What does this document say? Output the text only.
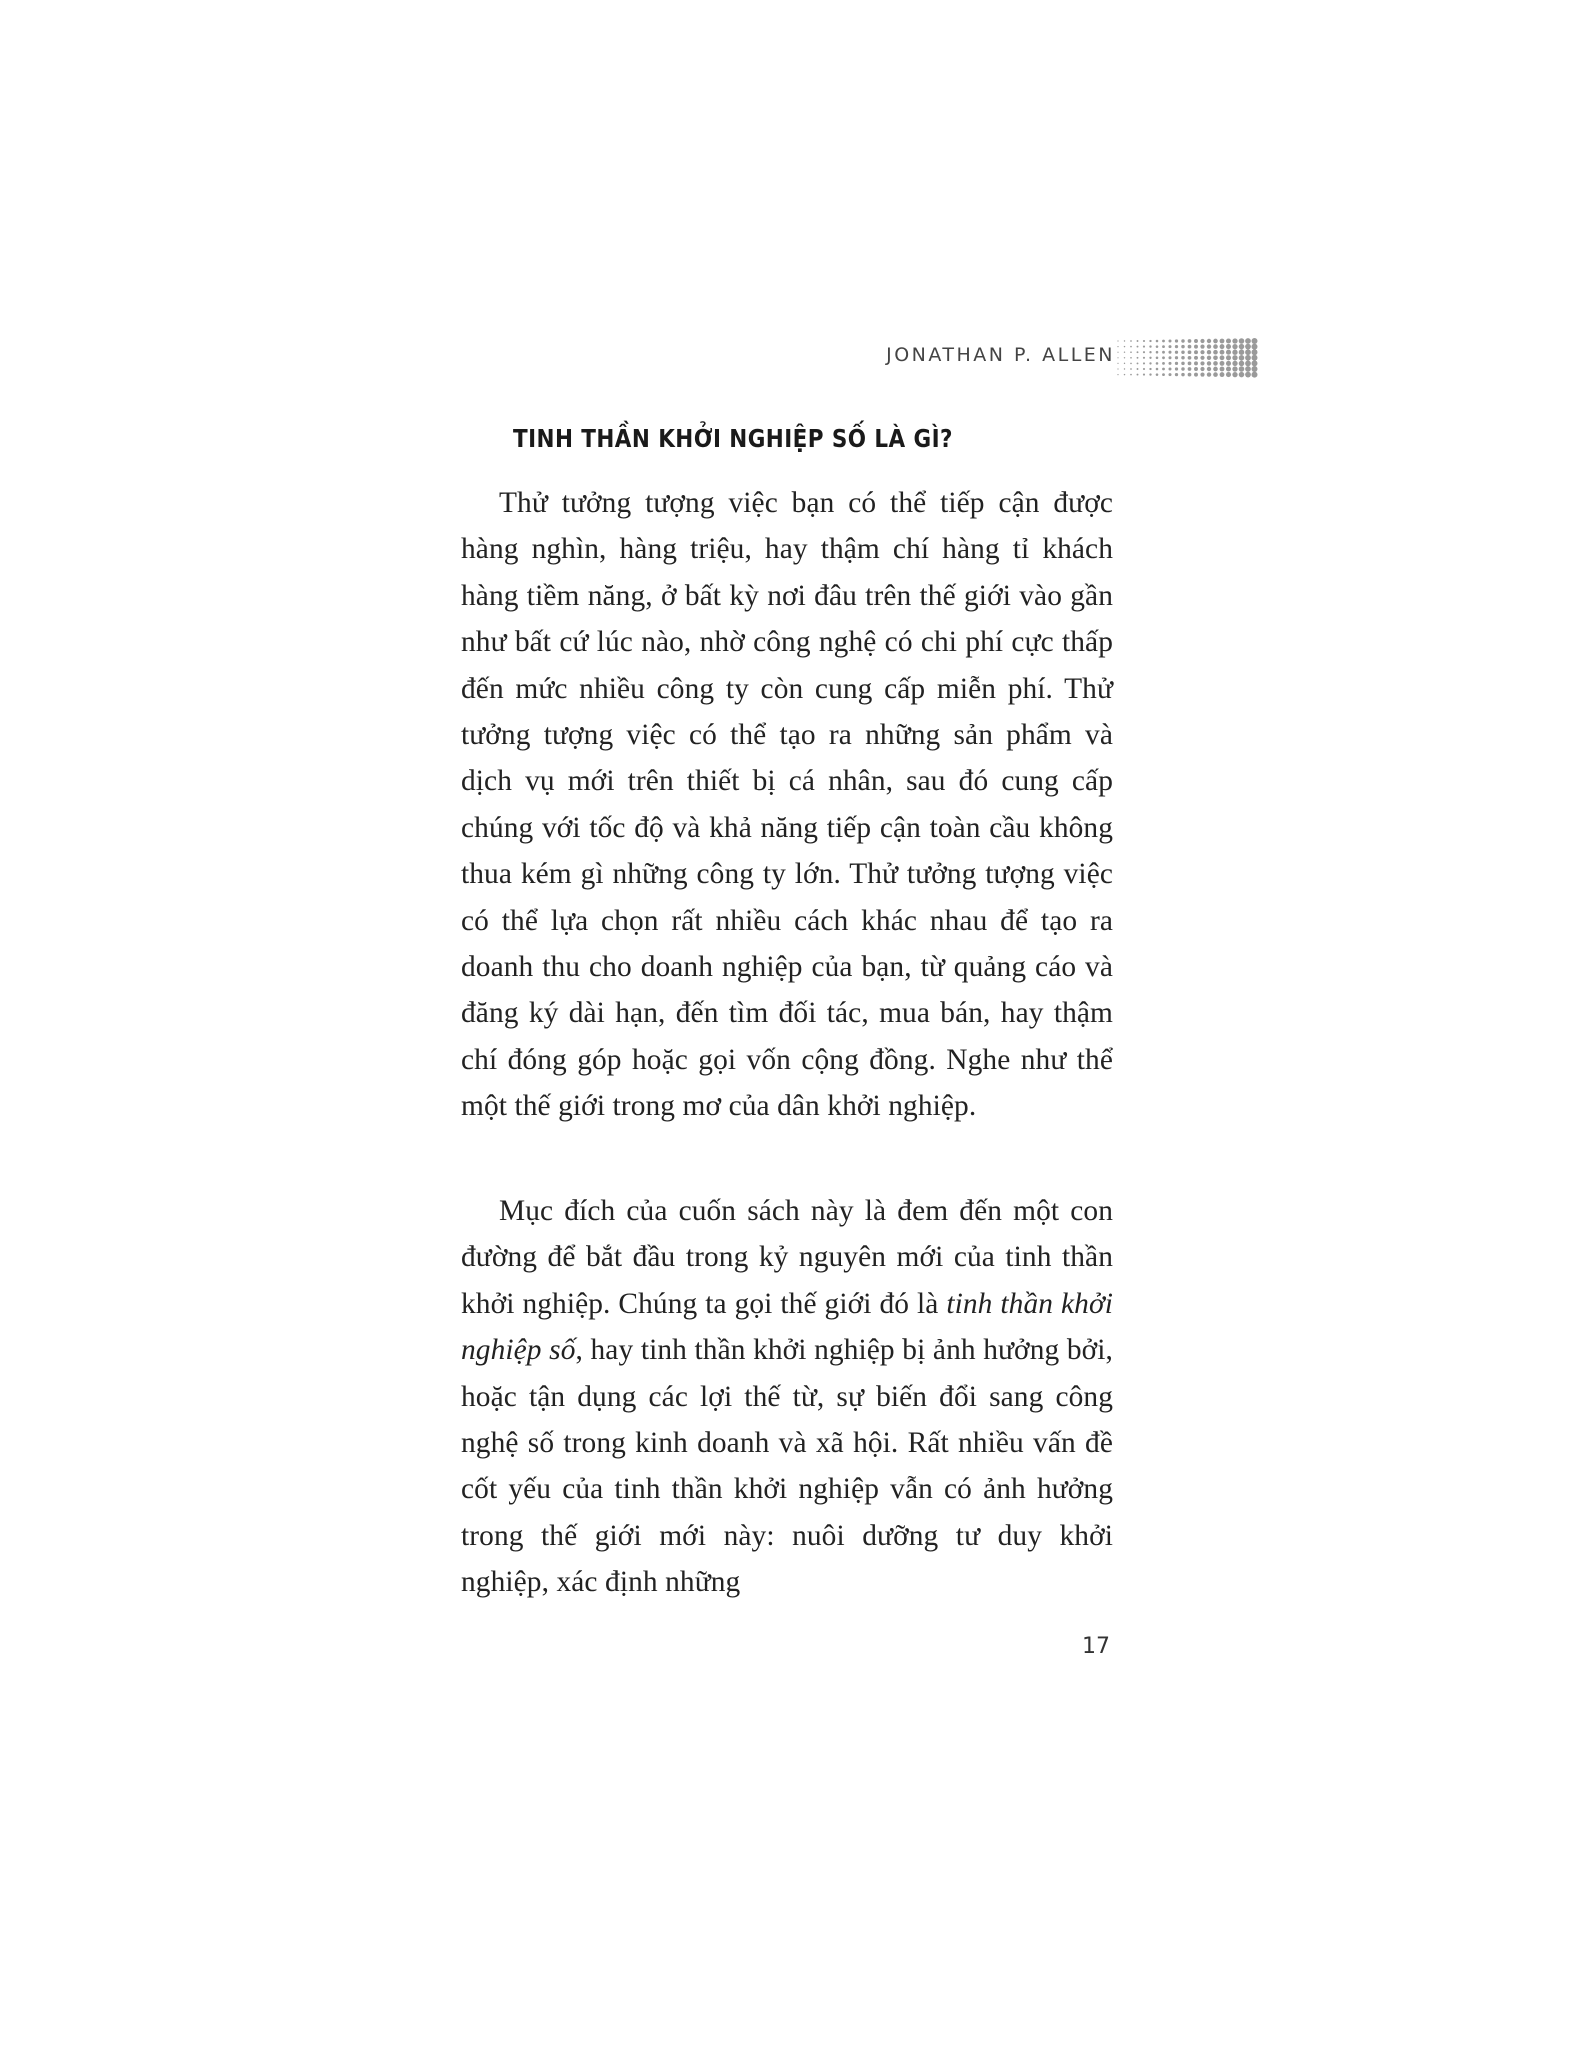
JONATHAN P. ALLEN
TINH THẦN KHỞI NGHIỆP SỐ LÀ GÌ?

Thử tưởng tượng việc bạn có thể tiếp cận được hàng nghìn, hàng triệu, hay thậm chí hàng tỉ khách hàng tiềm năng, ở bất kỳ nơi đâu trên thế giới vào gần như bất cứ lúc nào, nhờ công nghệ có chi phí cực thấp đến mức nhiều công ty còn cung cấp miễn phí. Thử tưởng tượng việc có thể tạo ra những sản phẩm và dịch vụ mới trên thiết bị cá nhân, sau đó cung cấp chúng với tốc độ và khả năng tiếp cận toàn cầu không thua kém gì những công ty lớn. Thử tưởng tượng việc có thể lựa chọn rất nhiều cách khác nhau để tạo ra doanh thu cho doanh nghiệp của bạn, từ quảng cáo và đăng ký dài hạn, đến tìm đối tác, mua bán, hay thậm chí đóng góp hoặc gọi vốn cộng đồng. Nghe như thể một thế giới trong mơ của dân khởi nghiệp.

Mục đích của cuốn sách này là đem đến một con đường để bắt đầu trong kỷ nguyên mới của tinh thần khởi nghiệp. Chúng ta gọi thế giới đó là tinh thần khởi nghiệp số, hay tinh thần khởi nghiệp bị ảnh hưởng bởi, hoặc tận dụng các lợi thế từ, sự biến đổi sang công nghệ số trong kinh doanh và xã hội. Rất nhiều vấn đề cốt yếu của tinh thần khởi nghiệp vẫn có ảnh hưởng trong thế giới mới này: nuôi dưỡng tư duy khởi nghiệp, xác định những

17
